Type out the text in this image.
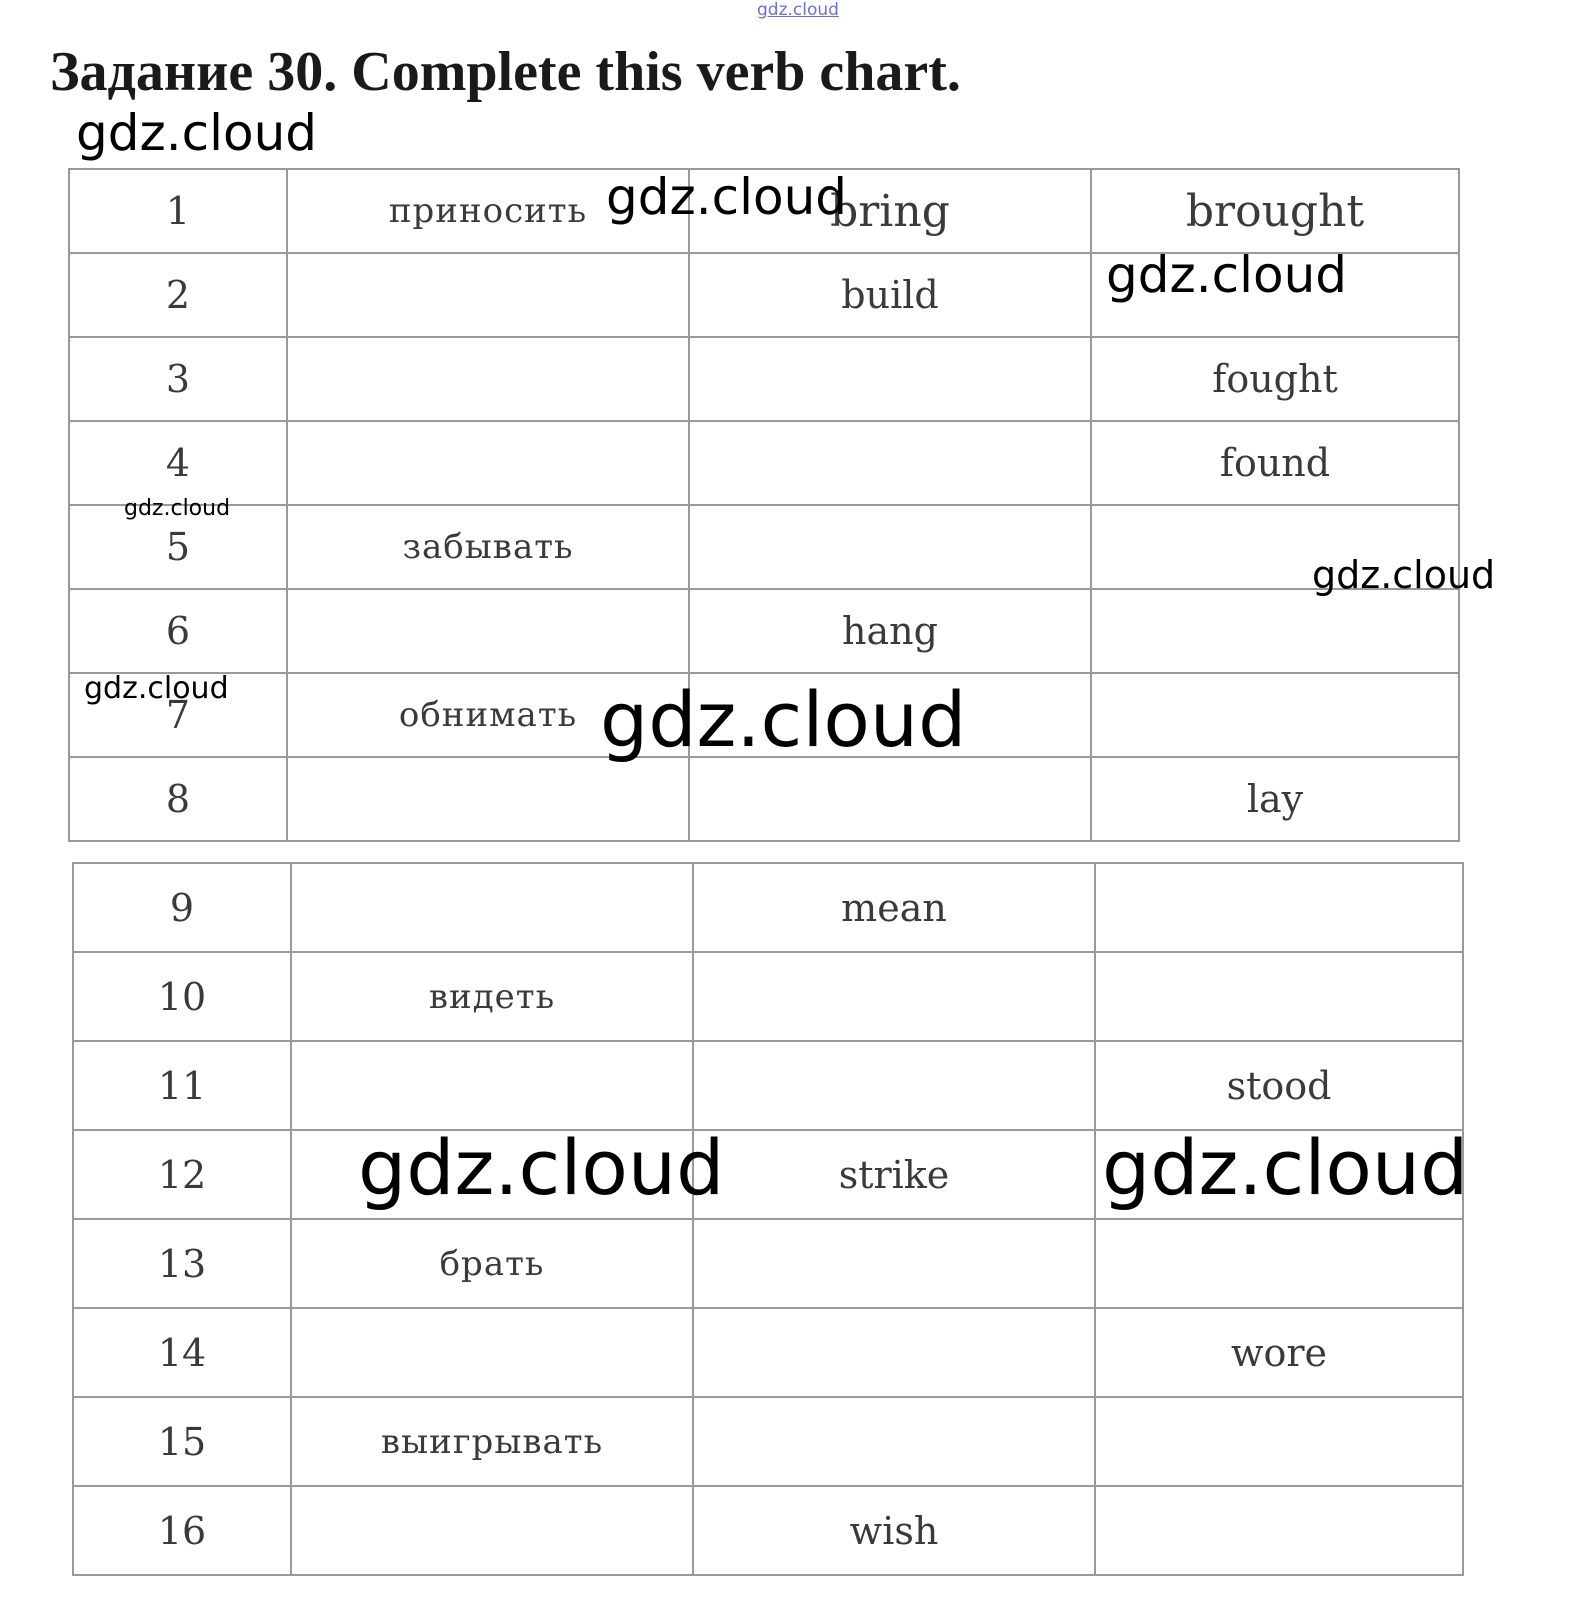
gdz.cloud
Задание 30. Complete this verb chart.
1	приносить	bring	brought
2		build	
3			fought
4			found
5	забывать		
6		hang	
7	обнимать		
8			lay
9		mean	
10	видеть		
11			stood
12		strike	
13	брать		
14			wore
15	выигрывать		
16		wish	
gdz.cloud
gdz.cloud
gdz.cloud
gdz.cloud
gdz.cloud
gdz.cloud	gdz.cloud
gdz.cloud	gdz.cloud
